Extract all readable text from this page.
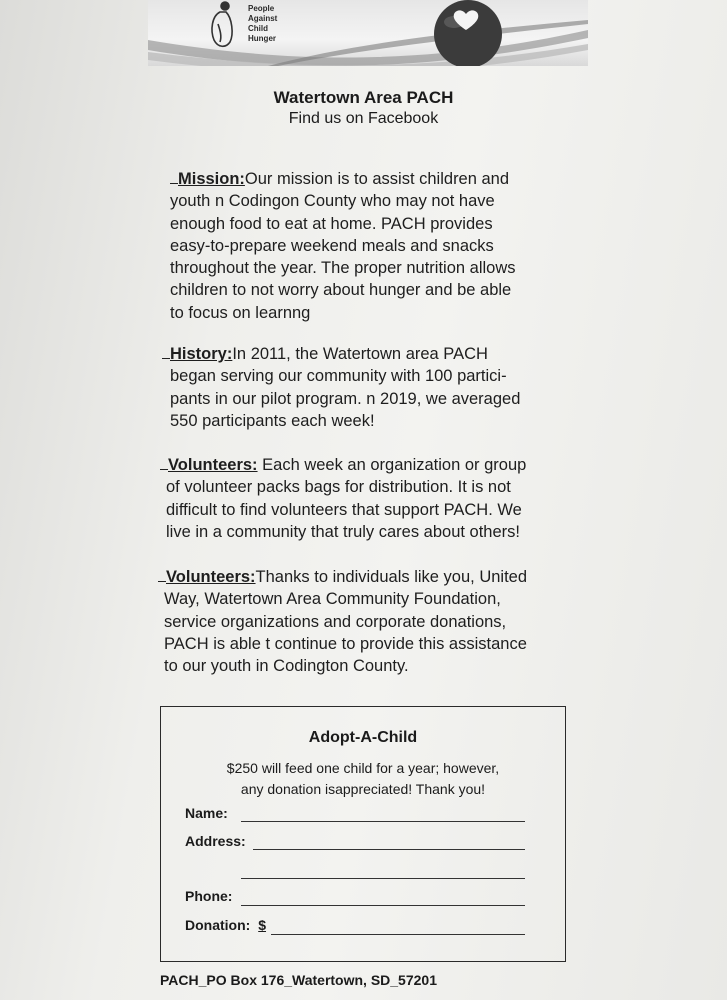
People
Against
Child
Hunger
Watertown Area PACH
Find us on Facebook
Mission:Our mission is to assist children and
youth n Codingon County who may not have
enough food to eat at home. PACH provides
easy-to-prepare weekend meals and snacks
throughout the year. The proper nutrition allows
children to not worry about hunger and be able
to focus on learnng
History:In 2011, the Watertown area PACH
began serving our community with 100 partici-
pants in our pilot program. n 2019, we averaged
550 participants each week!
Volunteers: Each week an organization or group
of volunteer packs bags for distribution. It is not
difficult to find volunteers that support PACH. We
live in a community that truly cares about others!
Volunteers:Thanks to individuals like you, United
Way, Watertown Area Community Foundation,
service organizations and corporate donations,
PACH is able t continue to provide this assistance
to our youth in Codington County.
Adopt-A-Child
$250 will feed one child for a year; however,
any donation isappreciated! Thank you!
Name:
Address:
Phone:
Donation: $
PACH_PO Box 176_Watertown, SD_57201
